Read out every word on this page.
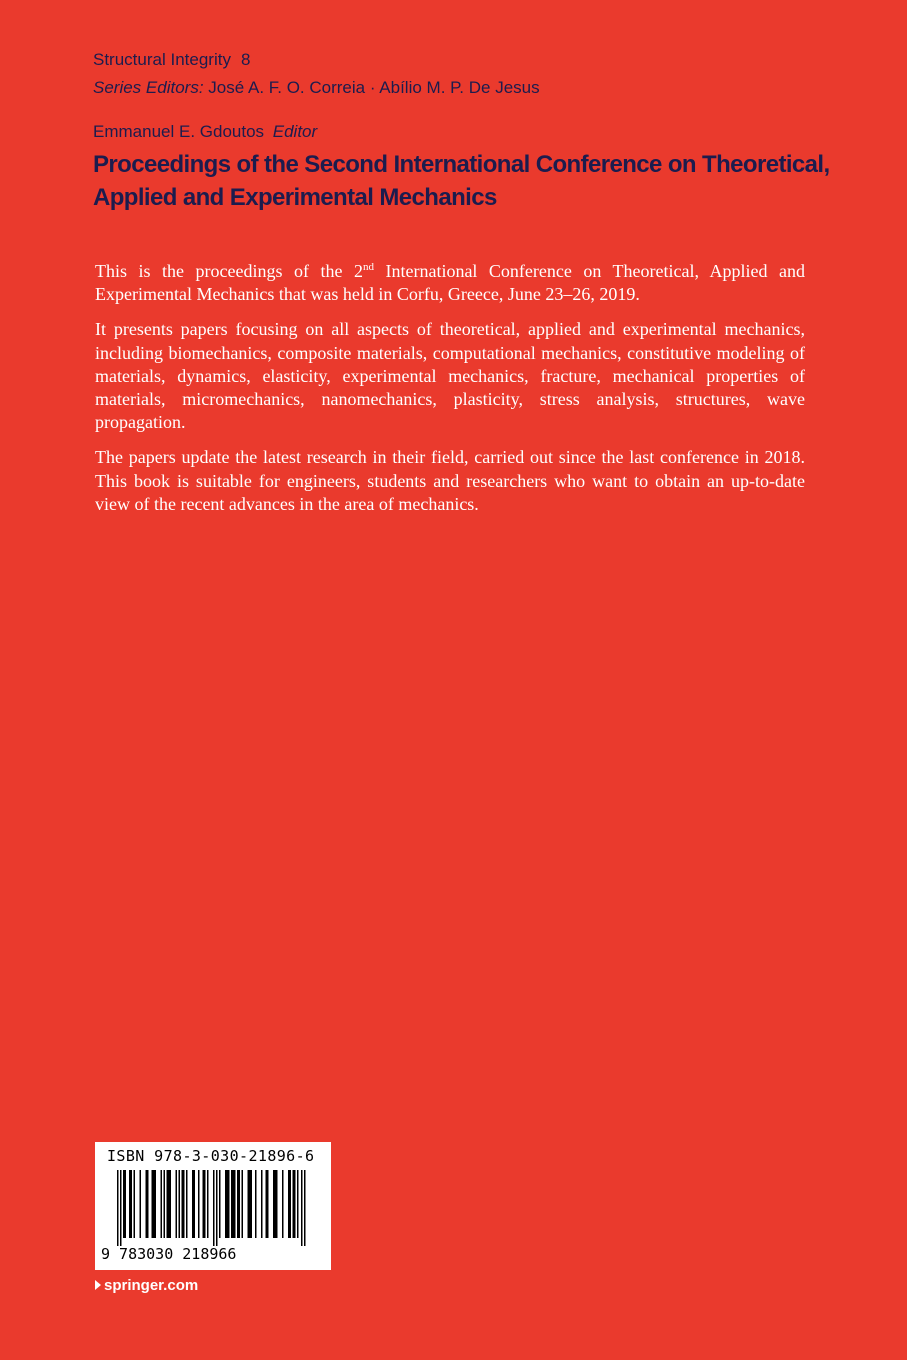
Structural Integrity 8
Series Editors: José A. F. O. Correia · Abílio M. P. De Jesus
Emmanuel E. Gdoutos Editor
Proceedings of the Second International Conference on Theoretical, Applied and Experimental Mechanics

This is the proceedings of the 2nd International Conference on Theoretical, Applied and Experimental Mechanics that was held in Corfu, Greece, June 23–26, 2019.

It presents papers focusing on all aspects of theoretical, applied and experimental mechanics, including biomechanics, composite materials, computational mechanics, constitutive modeling of materials, dynamics, elasticity, experimental mechanics, fracture, mechanical properties of materials, micromechanics, nanomechanics, plasticity, stress analysis, structures, wave propagation.

The papers update the latest research in their field, carried out since the last conference in 2018. This book is suitable for engineers, students and researchers who want to obtain an up-to-date view of the recent advances in the area of mechanics.

ISBN 978-3-030-21896-6
9 783030 218966
springer.com
